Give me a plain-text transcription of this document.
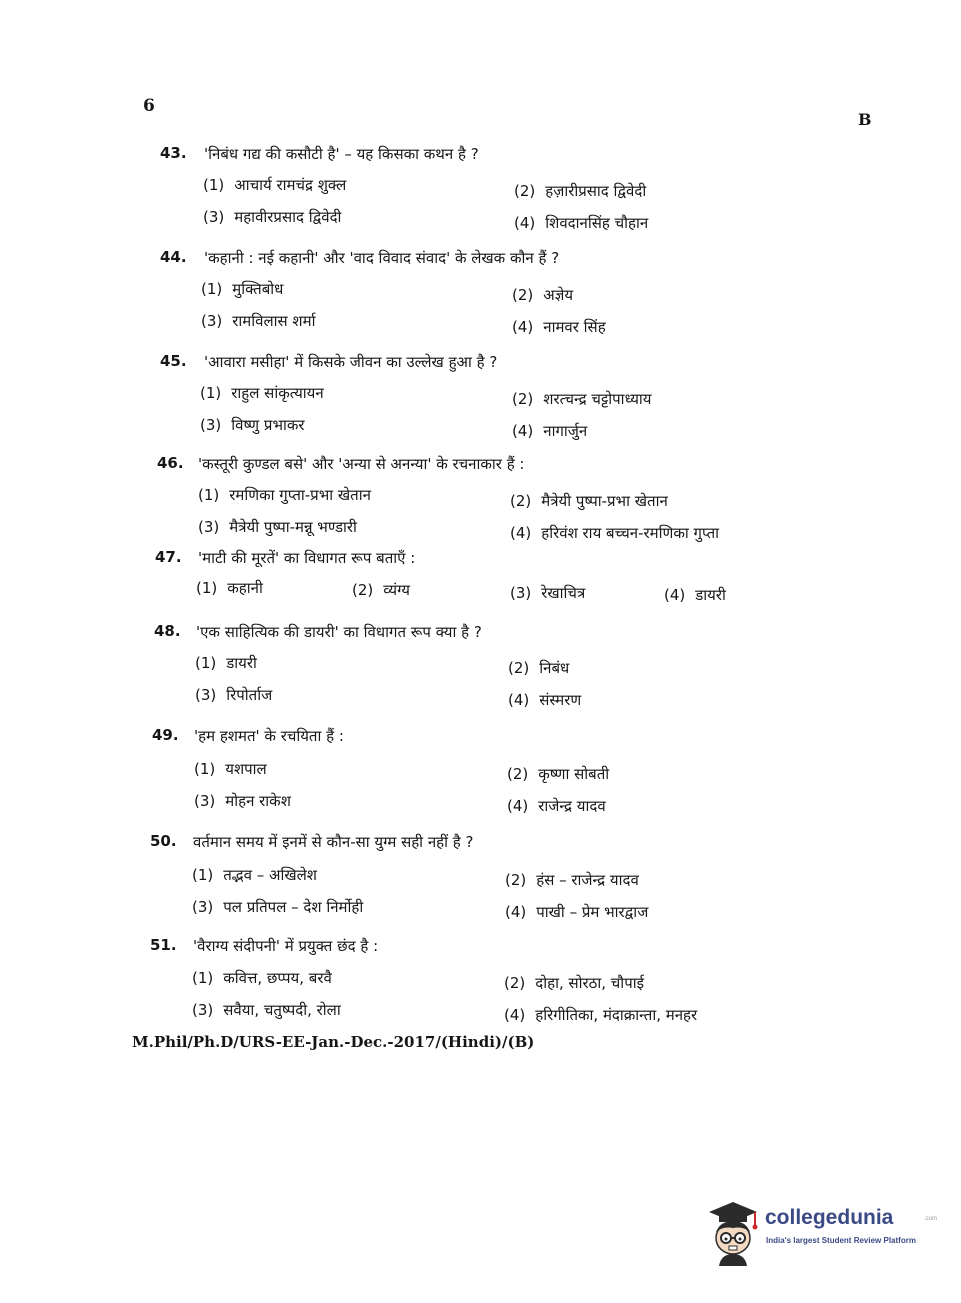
6
B
43. 'निबंध गद्य की कसौटी है' – यह किसका कथन है ?
(1) आचार्य रामचंद्र शुक्ल	(2) हज़ारीप्रसाद द्विवेदी
(3) महावीरप्रसाद द्विवेदी	(4) शिवदानसिंह चौहान
44. 'कहानी : नई कहानी' और 'वाद विवाद संवाद' के लेखक कौन हैं ?
(1) मुक्तिबोध	(2) अज्ञेय
(3) रामविलास शर्मा	(4) नामवर सिंह
45. 'आवारा मसीहा' में किसके जीवन का उल्लेख हुआ है ?
(1) राहुल सांकृत्यायन	(2) शरत्चन्द्र चट्टोपाध्याय
(3) विष्णु प्रभाकर	(4) नागार्जुन
46. 'कस्तूरी कुण्डल बसे' और 'अन्या से अनन्या' के रचनाकार हैं :
(1) रमणिका गुप्ता-प्रभा खेतान	(2) मैत्रेयी पुष्पा-प्रभा खेतान
(3) मैत्रेयी पुष्पा-मन्नू भण्डारी	(4) हरिवंश राय बच्चन-रमणिका गुप्ता
47. 'माटी की मूरतें' का विधागत रूप बताएँ :
(1) कहानी	(2) व्यंग्य	(3) रेखाचित्र	(4) डायरी
48. 'एक साहित्यिक की डायरी' का विधागत रूप क्या है ?
(1) डायरी	(2) निबंध
(3) रिपोर्ताज	(4) संस्मरण
49. 'हम हशमत' के रचयिता हैं :
(1) यशपाल	(2) कृष्णा सोबती
(3) मोहन राकेश	(4) राजेन्द्र यादव
50. वर्तमान समय में इनमें से कौन-सा युग्म सही नहीं है ?
(1) तद्भव – अखिलेश	(2) हंस – राजेन्द्र यादव
(3) पल प्रतिपल – देश निर्मोही	(4) पाखी – प्रेम भारद्वाज
51. 'वैराग्य संदीपनी' में प्रयुक्त छंद है :
(1) कवित्त, छप्पय, बरवै	(2) दोहा, सोरठा, चौपाई
(3) सवैया, चतुष्पदी, रोला	(4) हरिगीतिका, मंदाक्रान्ता, मनहर
M.Phil/Ph.D/URS-EE-Jan.-Dec.-2017/(Hindi)/(B)
collegedunia	.com
India's largest Student Review Platform
